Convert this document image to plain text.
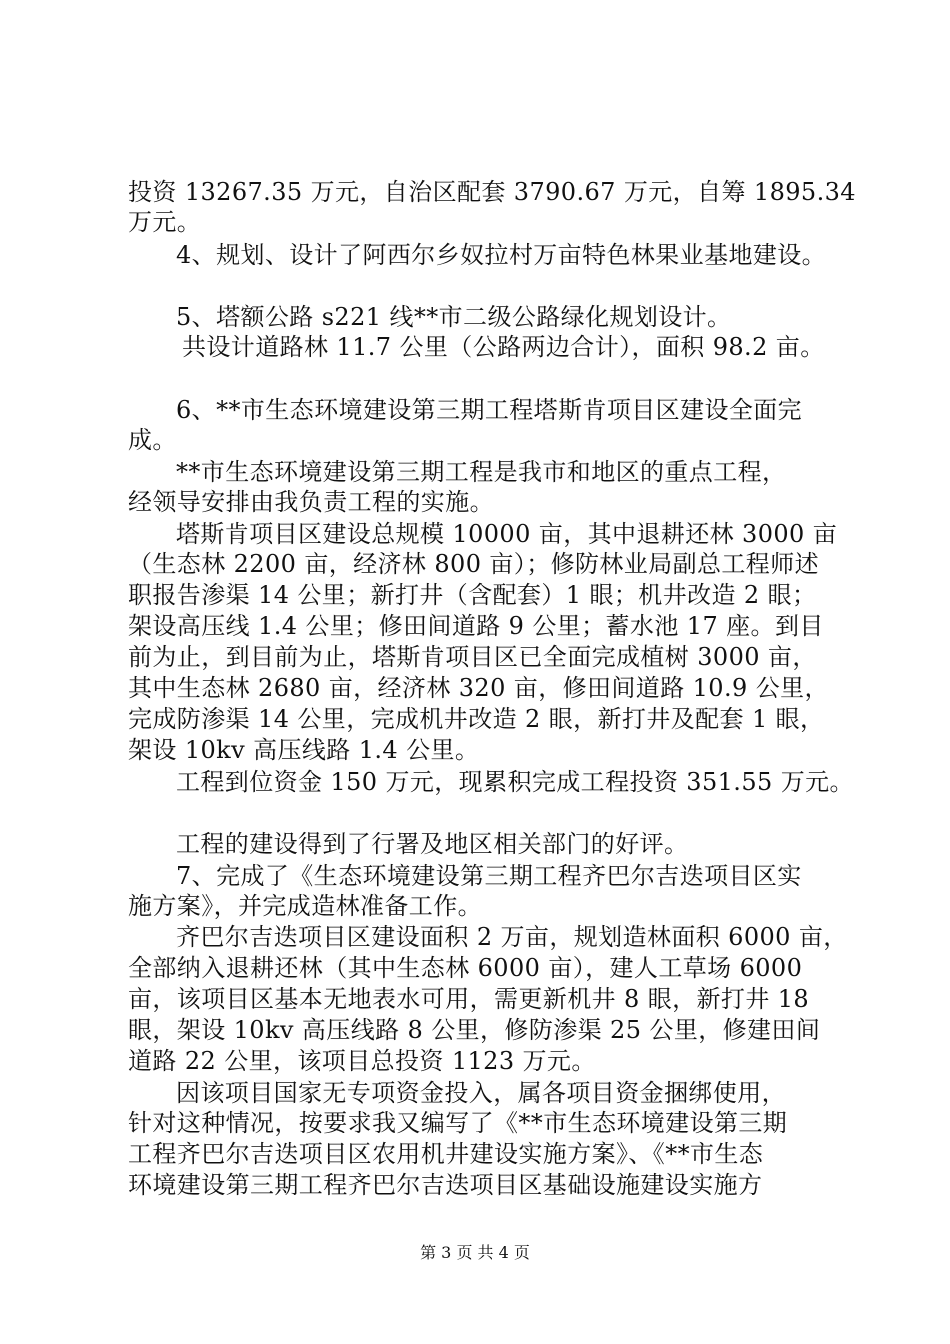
投资 13267.35 万元，自治区配套 3790.67 万元，自筹 1895.34
万元。
4、规划、设计了阿西尔乡奴拉村万亩特色林果业基地建设。
5、塔额公路 s221 线**市二级公路绿化规划设计。
共设计道路林 11.7 公里（公路两边合计），面积 98.2 亩。
6、**市生态环境建设第三期工程塔斯肯项目区建设全面完
成。
**市生态环境建设第三期工程是我市和地区的重点工程，
经领导安排由我负责工程的实施。
塔斯肯项目区建设总规模 10000 亩，其中退耕还林 3000 亩
（生态林 2200 亩，经济林 800 亩）；修防林业局副总工程师述
职报告渗渠 14 公里；新打井（含配套）1 眼；机井改造 2 眼；
架设高压线 1.4 公里；修田间道路 9 公里；蓄水池 17 座。到目
前为止，到目前为止，塔斯肯项目区已全面完成植树 3000 亩，
其中生态林 2680 亩，经济林 320 亩，修田间道路 10.9 公里，
完成防渗渠 14 公里，完成机井改造 2 眼，新打井及配套 1 眼，
架设 10kv 高压线路 1.4 公里。
工程到位资金 150 万元，现累积完成工程投资 351.55 万元。
工程的建设得到了行署及地区相关部门的好评。
7、完成了《生态环境建设第三期工程齐巴尔吉迭项目区实
施方案》，并完成造林准备工作。
齐巴尔吉迭项目区建设面积 2 万亩，规划造林面积 6000 亩，
全部纳入退耕还林（其中生态林 6000 亩），建人工草场 6000
亩，该项目区基本无地表水可用，需更新机井 8 眼，新打井 18
眼，架设 10kv 高压线路 8 公里，修防渗渠 25 公里，修建田间
道路 22 公里，该项目总投资 1123 万元。
因该项目国家无专项资金投入，属各项目资金捆绑使用，
针对这种情况，按要求我又编写了《**市生态环境建设第三期
工程齐巴尔吉迭项目区农用机井建设实施方案》、《**市生态
环境建设第三期工程齐巴尔吉迭项目区基础设施建设实施方
第 3 页 共 4 页
